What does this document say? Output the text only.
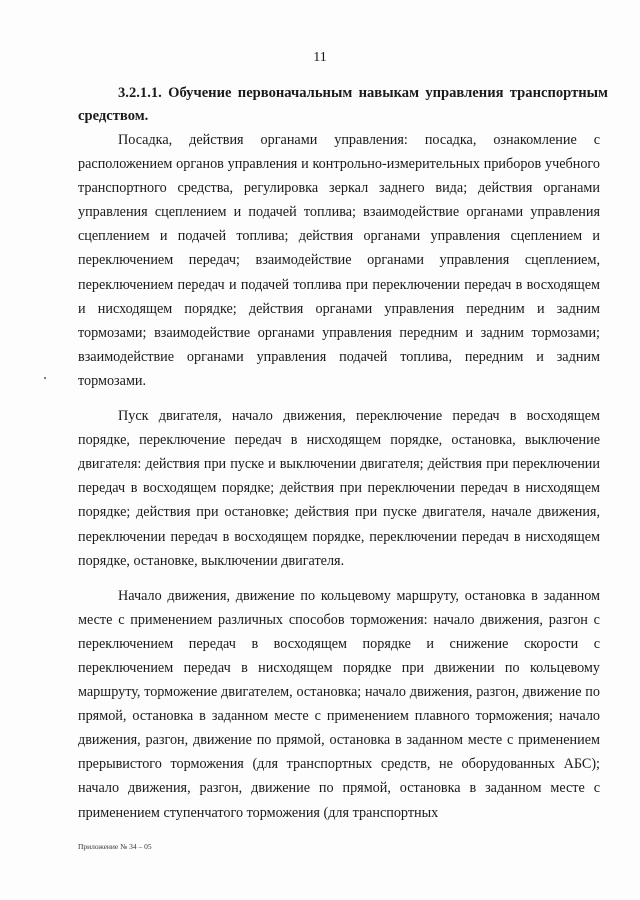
11
3.2.1.1. Обучение первоначальным навыкам управления транспортным средством.

Посадка, действия органами управления: посадка, ознакомление с расположением органов управления и контрольно-измерительных приборов учебного транспортного средства, регулировка зеркал заднего вида; действия органами управления сцеплением и подачей топлива; взаимодействие органами управления сцеплением и подачей топлива; действия органами управления сцеплением и переключением передач; взаимодействие органами управления сцеплением, переключением передач и подачей топлива при переключении передач в восходящем и нисходящем порядке; действия органами управления передним и задним тормозами; взаимодействие органами управления передним и задним тормозами; взаимодействие органами управления подачей топлива, передним и задним тормозами.

Пуск двигателя, начало движения, переключение передач в восходящем порядке, переключение передач в нисходящем порядке, остановка, выключение двигателя: действия при пуске и выключении двигателя; действия при переключении передач в восходящем порядке; действия при переключении передач в нисходящем порядке; действия при остановке; действия при пуске двигателя, начале движения, переключении передач в восходящем порядке, переключении передач в нисходящем порядке, остановке, выключении двигателя.

Начало движения, движение по кольцевому маршруту, остановка в заданном месте с применением различных способов торможения: начало движения, разгон с переключением передач в восходящем порядке и снижение скорости с переключением передач в нисходящем порядке при движении по кольцевому маршруту, торможение двигателем, остановка; начало движения, разгон, движение по прямой, остановка в заданном месте с применением плавного торможения; начало движения, разгон, движение по прямой, остановка в заданном месте с применением прерывистого торможения (для транспортных средств, не оборудованных АБС); начало движения, разгон, движение по прямой, остановка в заданном месте с применением ступенчатого торможения (для транспортных

Приложение № 34 – 05
